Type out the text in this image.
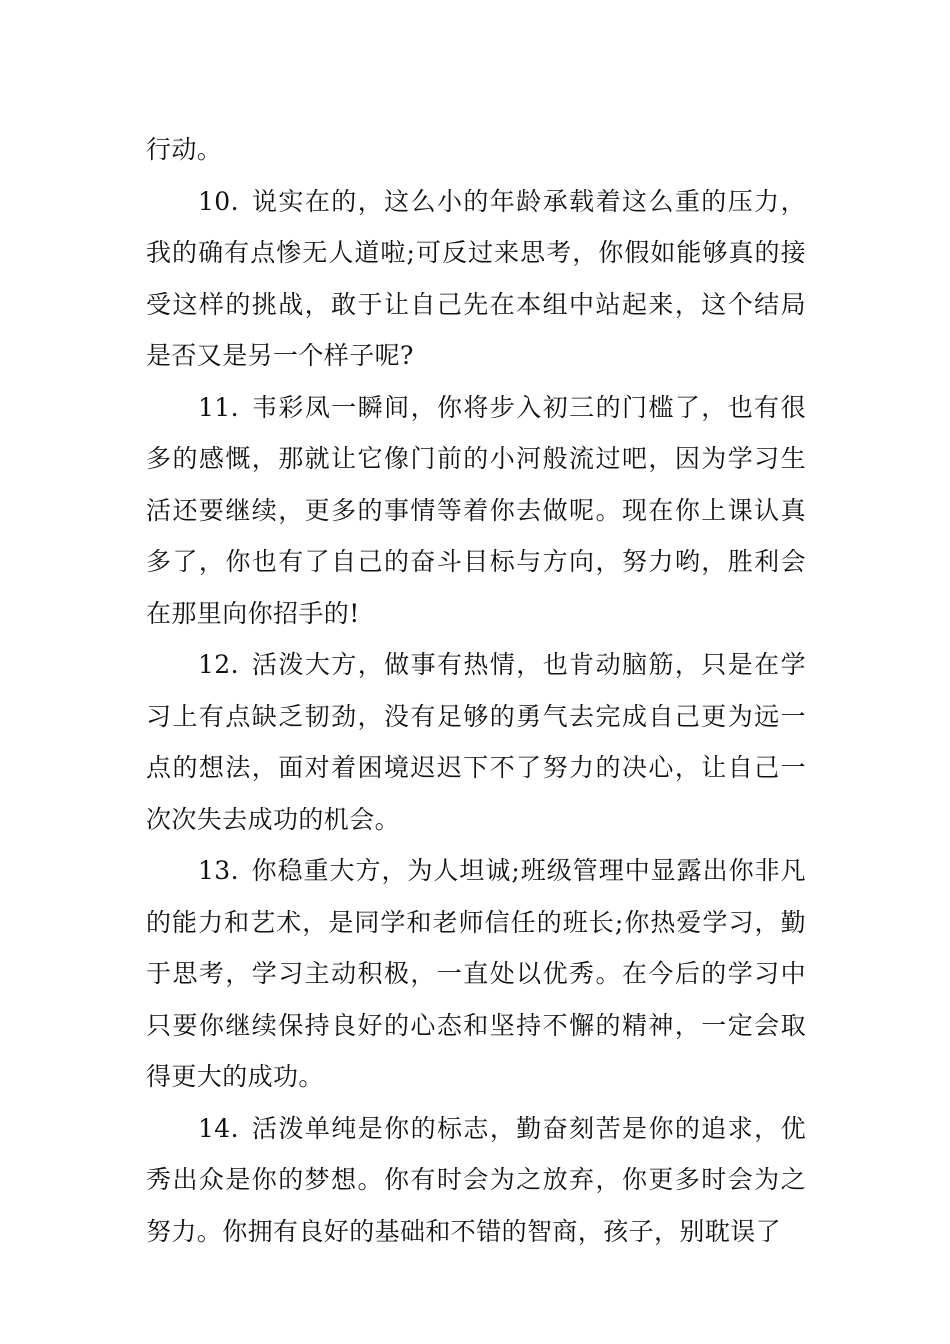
行动。

10. 说实在的，这么小的年龄承载着这么重的压力，我的确有点惨无人道啦;可反过来思考，你假如能够真的接受这样的挑战，敢于让自己先在本组中站起来，这个结局是否又是另一个样子呢?

11. 韦彩凤一瞬间，你将步入初三的门槛了，也有很多的感慨，那就让它像门前的小河般流过吧，因为学习生活还要继续，更多的事情等着你去做呢。现在你上课认真多了，你也有了自己的奋斗目标与方向，努力哟，胜利会在那里向你招手的!

12. 活泼大方，做事有热情，也肯动脑筋，只是在学习上有点缺乏韧劲，没有足够的勇气去完成自己更为远一点的想法，面对着困境迟迟下不了努力的决心，让自己一次次失去成功的机会。

13. 你稳重大方，为人坦诚;班级管理中显露出你非凡的能力和艺术，是同学和老师信任的班长;你热爱学习，勤于思考，学习主动积极，一直处以优秀。在今后的学习中只要你继续保持良好的心态和坚持不懈的精神，一定会取得更大的成功。

14. 活泼单纯是你的标志，勤奋刻苦是你的追求，优秀出众是你的梦想。你有时会为之放弃，你更多时会为之努力。你拥有良好的基础和不错的智商，孩子，别耽误了
